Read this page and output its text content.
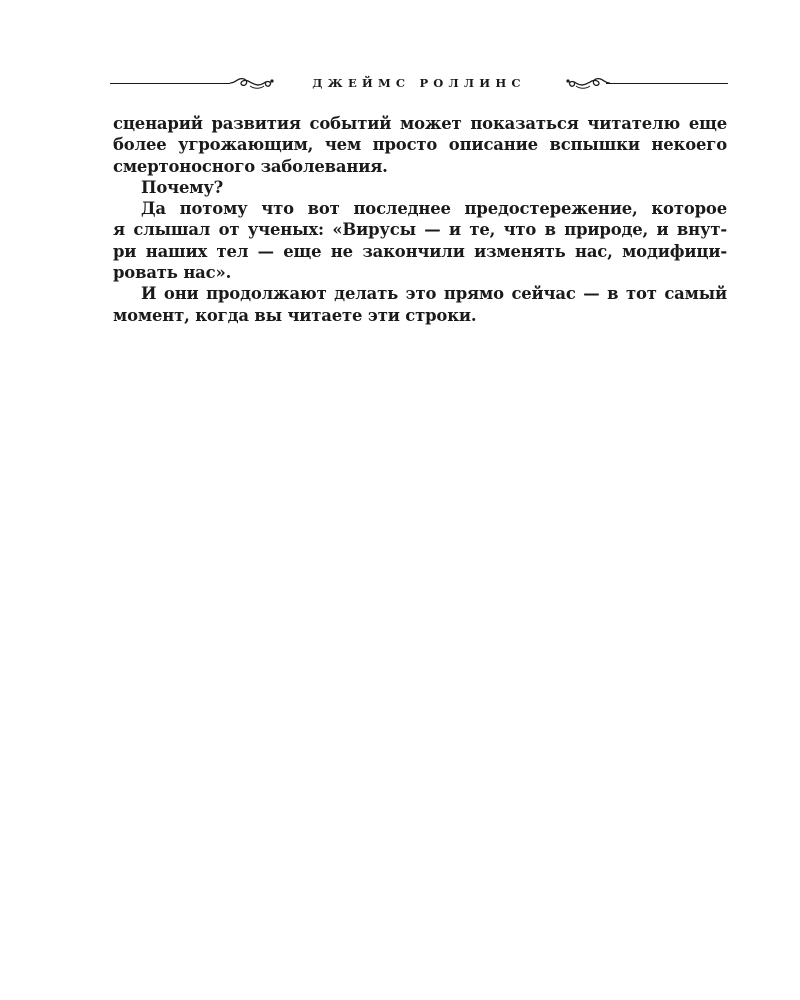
ДЖЕЙМС РОЛЛИНС
сценарий развития событий может показаться читателю еще
более угрожающим, чем просто описание вспышки некоего
смертоносного заболевания.
Почему?
Да потому что вот последнее предостережение, которое
я слышал от ученых: «Вирусы — и те, что в природе, и внут-
ри наших тел — еще не закончили изменять нас, модифици-
ровать нас».
И они продолжают делать это прямо сейчас — в тот самый
момент, когда вы читаете эти строки.
